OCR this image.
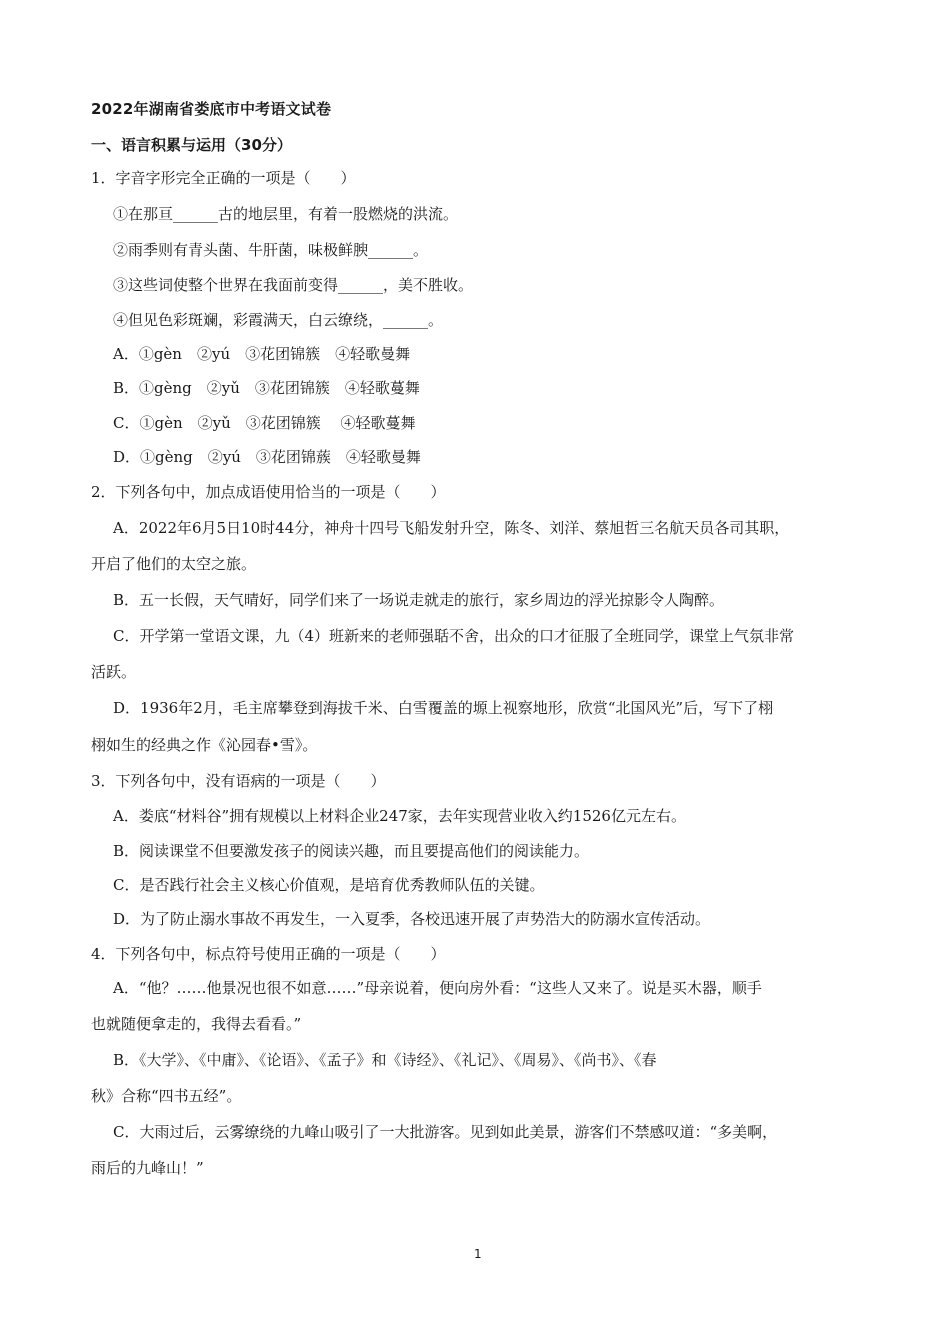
2022年湖南省娄底市中考语文试卷
一、语言积累与运用（30分）
1．字音字形完全正确的一项是（　　）
①在那亘______古的地层里，有着一股燃烧的洪流。
②雨季则有青头菌、牛肝菌，味极鲜腴______。
③这些词使整个世界在我面前变得______，美不胜收。
④但见色彩斑斓，彩霞满天，白云缭绕，______。
A．①gèn　②yú　③花团锦簇　④轻歌曼舞
B．①gèng　②yǔ　③花团锦簇　④轻歌蔓舞
C．①gèn　②yǔ　③花团锦簇　 ④轻歌蔓舞
D．①gèng　②yú　③花团锦蔟　④轻歌曼舞
2．下列各句中，加点成语使用恰当的一项是（　　）
A．2022年6月5日10时44分，神舟十四号飞船发射升空，陈冬、刘洋、蔡旭哲三名航天员各司其职，
开启了他们的太空之旅。
B．五一长假，天气晴好，同学们来了一场说走就走的旅行，家乡周边的浮光掠影令人陶醉。
C．开学第一堂语文课，九（4）班新来的老师强聒不舍，出众的口才征服了全班同学，课堂上气氛非常
活跃。
D．1936年2月，毛主席攀登到海拔千米、白雪覆盖的塬上视察地形，欣赏“北国风光”后，写下了栩
栩如生的经典之作《沁园春•雪》。
3．下列各句中，没有语病的一项是（　　）
A．娄底“材料谷”拥有规模以上材料企业247家，去年实现营业收入约1526亿元左右。
B．阅读课堂不但要激发孩子的阅读兴趣，而且要提高他们的阅读能力。
C．是否践行社会主义核心价值观，是培育优秀教师队伍的关键。
D．为了防止溺水事故不再发生，一入夏季，各校迅速开展了声势浩大的防溺水宣传活动。
4．下列各句中，标点符号使用正确的一项是（　　）
A．“他？……他景况也很不如意……”母亲说着，便向房外看：“这些人又来了。说是买木器，顺手
也就随便拿走的，我得去看看。”
B．《大学》、《中庸》、《论语》、《孟子》和《诗经》、《礼记》、《周易》、《尚书》、《春
秋》合称“四书五经”。
C．大雨过后，云雾缭绕的九峰山吸引了一大批游客。见到如此美景，游客们不禁感叹道：“多美啊，
雨后的九峰山！”
1
